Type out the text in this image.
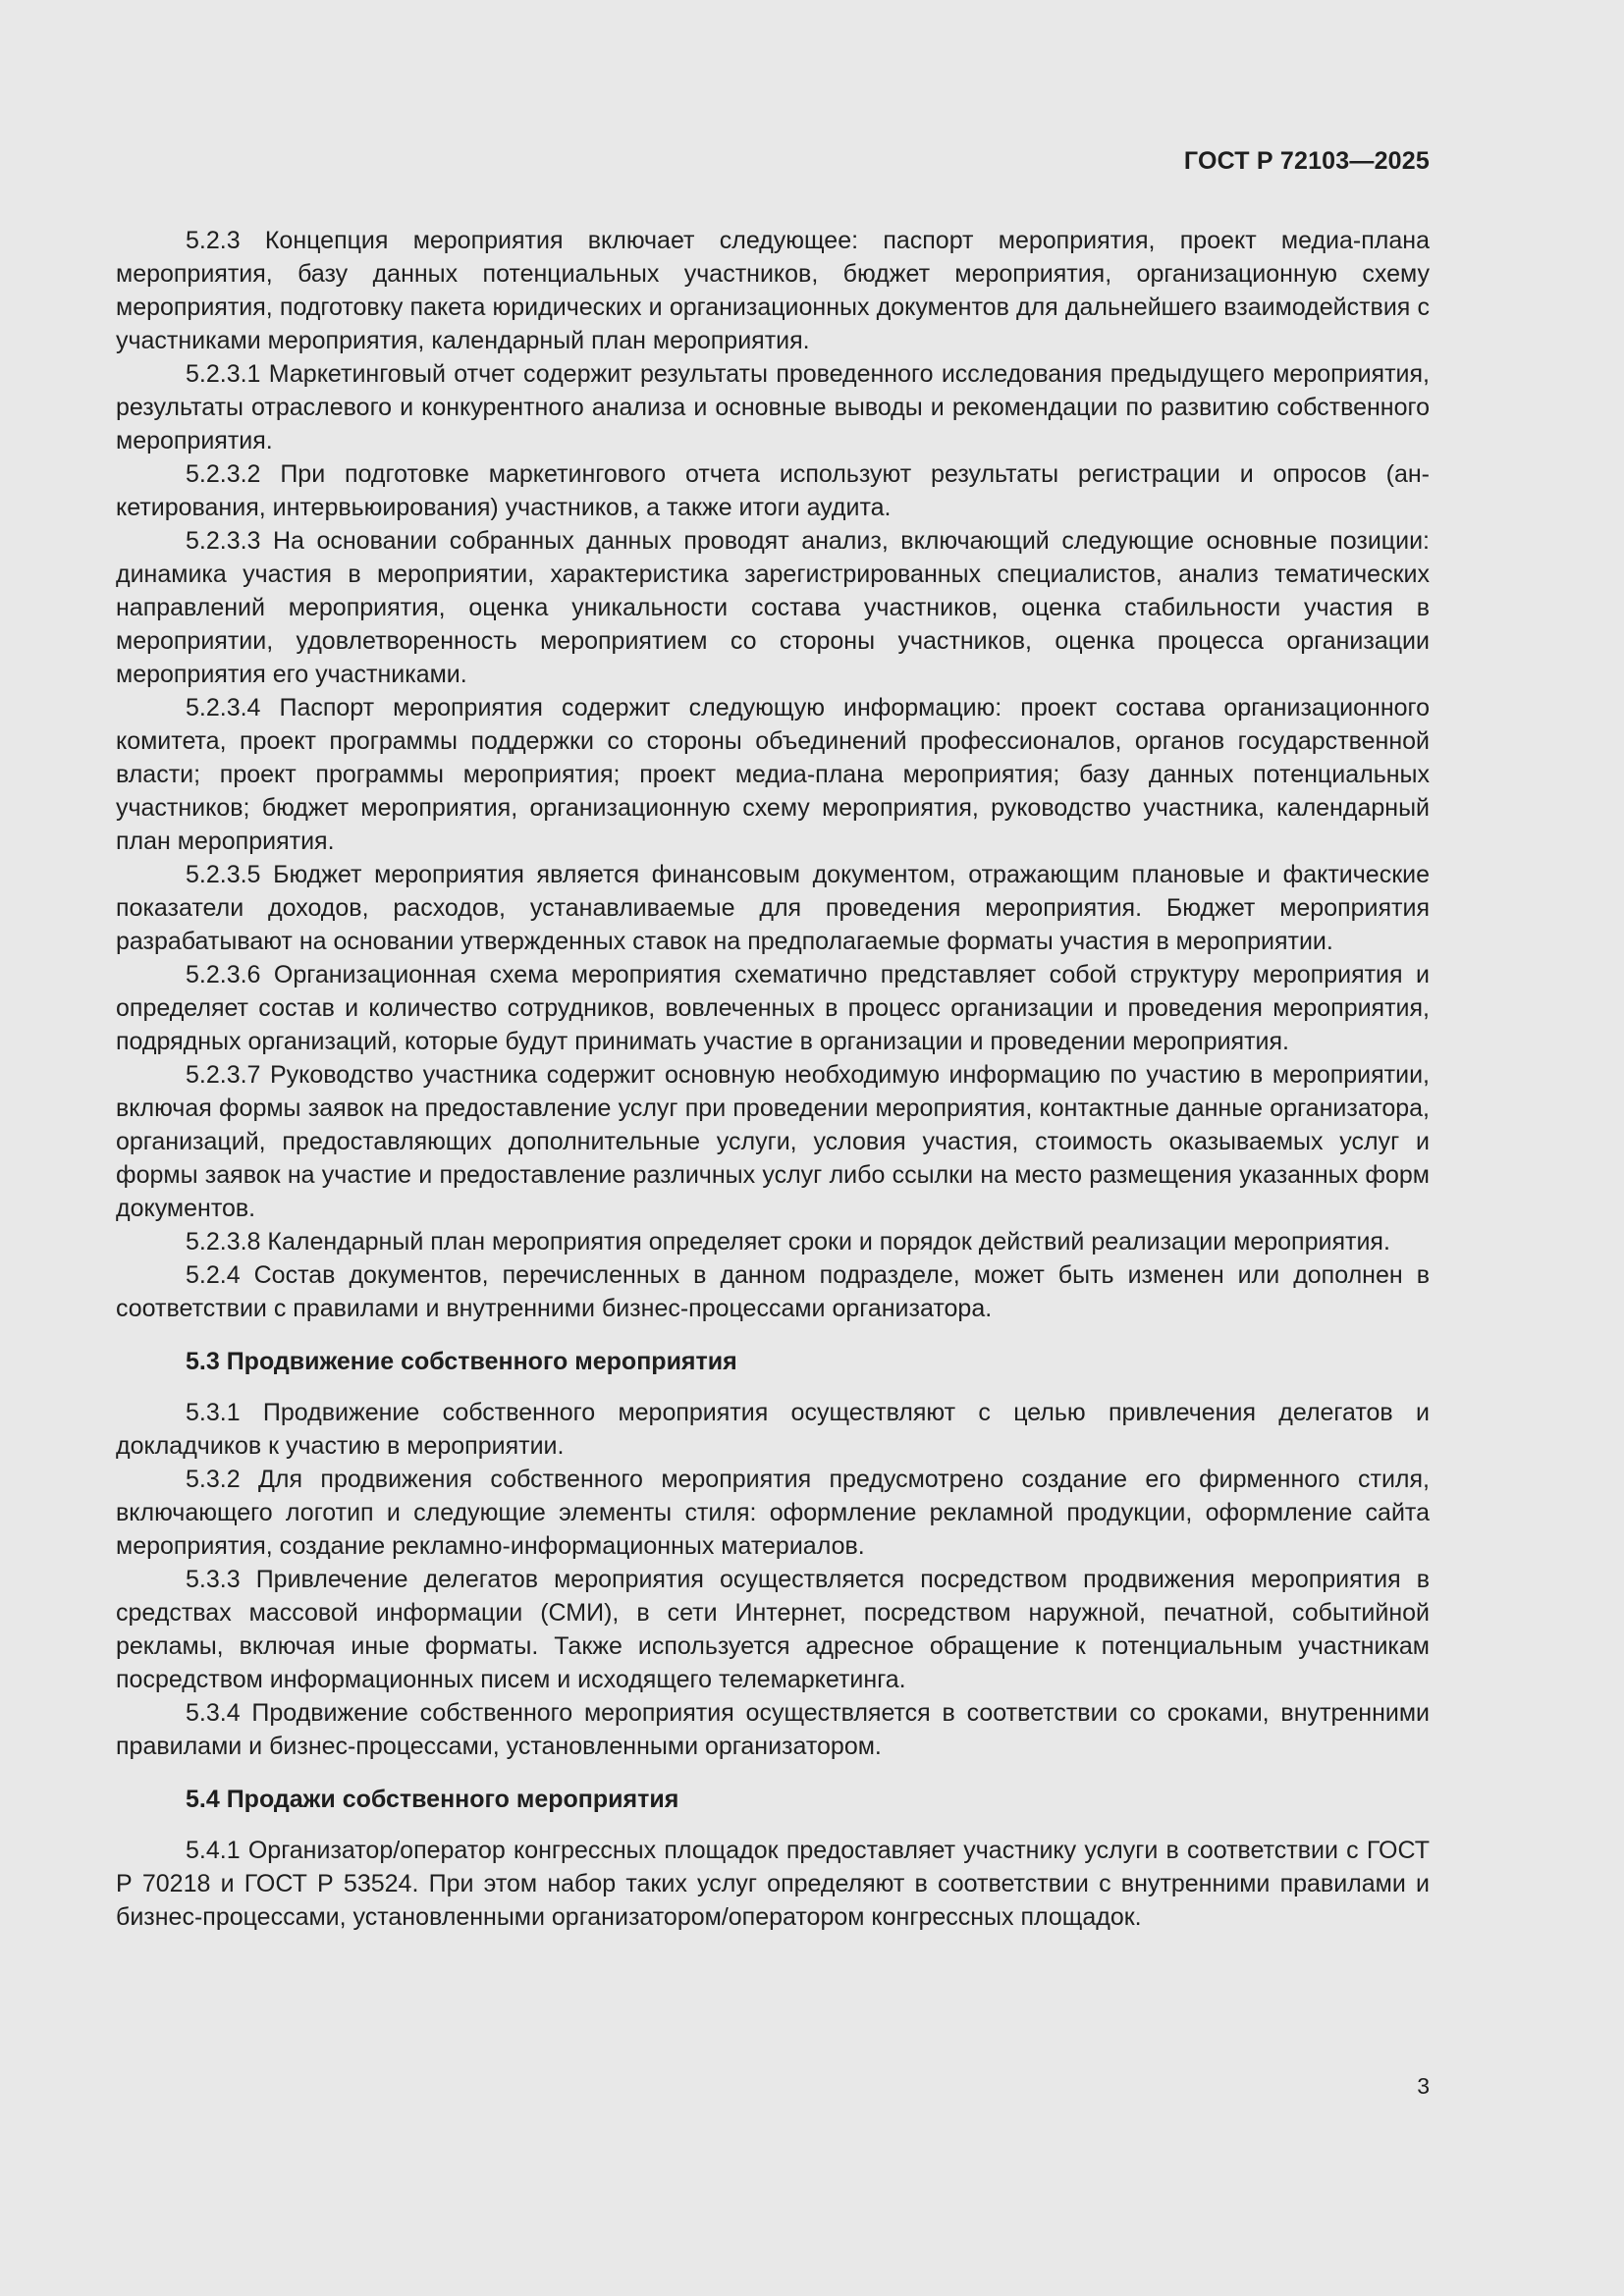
ГОСТ Р 72103—2025

5.2.3 Концепция мероприятия включает следующее: паспорт мероприятия, проект медиа-плана мероприятия, базу данных потенциальных участников, бюджет мероприятия, организационную схему мероприятия, подготовку пакета юридических и организационных документов для дальнейшего взаимодействия с участниками мероприятия, календарный план мероприятия.

5.2.3.1 Маркетинговый отчет содержит результаты проведенного исследования предыдущего мероприятия, результаты отраслевого и конкурентного анализа и основные выводы и рекомендации по развитию собственного мероприятия.

5.2.3.2 При подготовке маркетингового отчета используют результаты регистрации и опросов (анкетирования, интервьюирования) участников, а также итоги аудита.

5.2.3.3 На основании собранных данных проводят анализ, включающий следующие основные позиции: динамика участия в мероприятии, характеристика зарегистрированных специалистов, анализ тематических направлений мероприятия, оценка уникальности состава участников, оценка стабильности участия в мероприятии, удовлетворенность мероприятием со стороны участников, оценка процесса организации мероприятия его участниками.

5.2.3.4 Паспорт мероприятия содержит следующую информацию: проект состава организационного комитета, проект программы поддержки со стороны объединений профессионалов, органов государственной власти; проект программы мероприятия; проект медиа-плана мероприятия; базу данных потенциальных участников; бюджет мероприятия, организационную схему мероприятия, руководство участника, календарный план мероприятия.

5.2.3.5 Бюджет мероприятия является финансовым документом, отражающим плановые и фактические показатели доходов, расходов, устанавливаемые для проведения мероприятия. Бюджет мероприятия разрабатывают на основании утвержденных ставок на предполагаемые форматы участия в мероприятии.

5.2.3.6 Организационная схема мероприятия схематично представляет собой структуру мероприятия и определяет состав и количество сотрудников, вовлеченных в процесс организации и проведения мероприятия, подрядных организаций, которые будут принимать участие в организации и проведении мероприятия.

5.2.3.7 Руководство участника содержит основную необходимую информацию по участию в мероприятии, включая формы заявок на предоставление услуг при проведении мероприятия, контактные данные организатора, организаций, предоставляющих дополнительные услуги, условия участия, стоимость оказываемых услуг и формы заявок на участие и предоставление различных услуг либо ссылки на место размещения указанных форм документов.

5.2.3.8 Календарный план мероприятия определяет сроки и порядок действий реализации мероприятия.

5.2.4 Состав документов, перечисленных в данном подразделе, может быть изменен или дополнен в соответствии с правилами и внутренними бизнес-процессами организатора.

5.3 Продвижение собственного мероприятия

5.3.1 Продвижение собственного мероприятия осуществляют с целью привлечения делегатов и докладчиков к участию в мероприятии.

5.3.2 Для продвижения собственного мероприятия предусмотрено создание его фирменного стиля, включающего логотип и следующие элементы стиля: оформление рекламной продукции, оформление сайта мероприятия, создание рекламно-информационных материалов.

5.3.3 Привлечение делегатов мероприятия осуществляется посредством продвижения мероприятия в средствах массовой информации (СМИ), в сети Интернет, посредством наружной, печатной, событийной рекламы, включая иные форматы. Также используется адресное обращение к потенциальным участникам посредством информационных писем и исходящего телемаркетинга.

5.3.4 Продвижение собственного мероприятия осуществляется в соответствии со сроками, внутренними правилами и бизнес-процессами, установленными организатором.

5.4 Продажи собственного мероприятия

5.4.1 Организатор/оператор конгрессных площадок предоставляет участнику услуги в соответствии с ГОСТ Р 70218 и ГОСТ Р 53524. При этом набор таких услуг определяют в соответствии с внутренними правилами и бизнес-процессами, установленными организатором/оператором конгрессных площадок.

3
